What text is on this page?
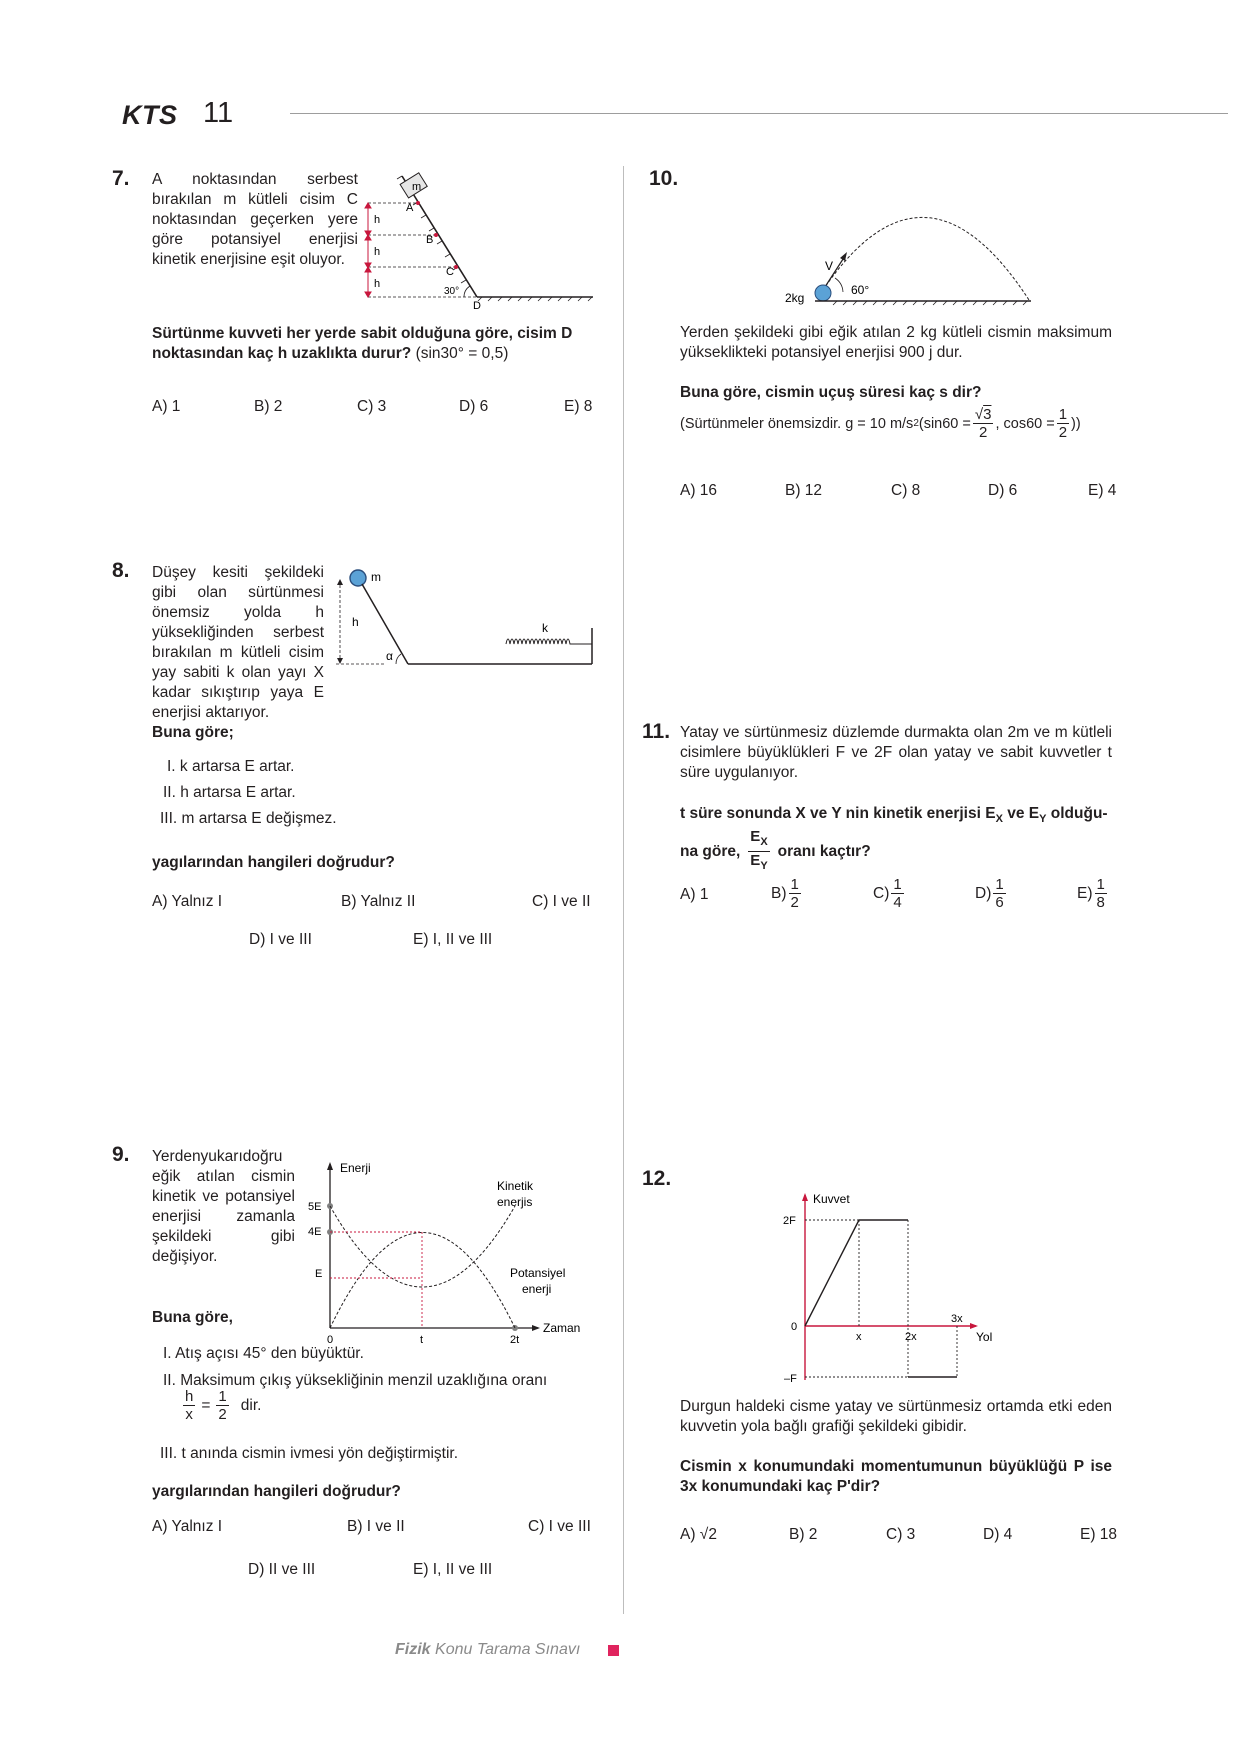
KTS 11
7. A noktasından serbest bırakılan m kütleli cisim C noktasından geçerken yere göre potansiyel enerjisi kinetik enerjisine eşit oluyor.
m
h
h
h
A
B
C
D
30°
Sürtünme kuvveti her yerde sabit olduğuna göre, cisim D noktasından kaç h uzaklıkta durur? (sin30° = 0,5)
A) 1	B) 2	C) 3	D) 6	E) 8
8. Düşey kesiti şekildeki gibi olan sürtünmesi önemsiz yolda h yüksekliğinden serbest bırakılan m kütleli cisim yay sabiti k olan yayı X kadar sıkıştırıp yaya E enerjisi aktarıyor.
m
h
α
k
Buna göre;
I. k artarsa E artar.
II. h artarsa E artar.
III. m artarsa E değişmez.
yagılarından hangileri doğrudur?
A) Yalnız I	B) Yalnız II	C) I ve II
D) I ve III	E) I, II ve III
9. Yerdenyukarıdoğru eğik atılan cismin kinetik ve potansiyel enerjisi zamanla şekildeki gibi değişiyor.
Enerji
Zaman
5E
4E
E
0	t	2t
Kinetik
enerjis
Potansiyel
enerji
Buna göre,
I. Atış açısı 45° den büyüktür.
II. Maksimum çıkış yüksekliğinin menzil uzaklığına oranı
$\frac{h}{x} = \frac{1}{2}$ dir.
III. t anında cismin ivmesi yön değiştirmiştir.
yargılarından hangileri doğrudur?
A) Yalnız I	B) I ve II	C) I ve III
D) II ve III	E) I, II ve III
10.
V
2kg
60°
Yerden şekildeki gibi eğik atılan 2 kg kütleli cismin maksimum yükseklikteki potansiyel enerjisi 900 j dur.
Buna göre, cismin uçuş süresi kaç s dir?
(Sürtünmeler önemsizdir. g = 10 m/s 2 ($\sin 60 = \frac{√3}{2}$ , $\cos 60 = \frac{1}{2}$ ))
A) 16	B) 12	C) 8	D) 6	E) 4
11. Yatay ve sürtünmesiz düzlemde durmakta olan 2m ve m kütleli cisimlere büyüklükleri F ve 2F olan yatay ve sabit kuvvetler t süre uygulanıyor.
t süre sonunda X ve Y nin kinetik enerjisi $E_X$ ve $E_Y$ olduğu-
na göre, $\frac{E_X}{E_Y}$ oranı kaçtır?
A) 1	$B) \frac{1}{2}$	$C) \frac{1}{4}$	$D) \frac{1}{6}$	$E) \frac{1}{8}$
12.
Kuvvet
Yol
2F
0
–F
x	2x
3x
Durgun haldeki cisme yatay ve sürtünmesiz ortamda etki eden kuvvetin yola bağlı grafiği şekildeki gibidir.
Cismin x konumundaki momentumunun büyüklüğü P ise 3x konumundaki kaç P'dir?
A) √2	B) 2	C) 3	D) 4	E) 18
Fizik Konu Tarama Sınavı
